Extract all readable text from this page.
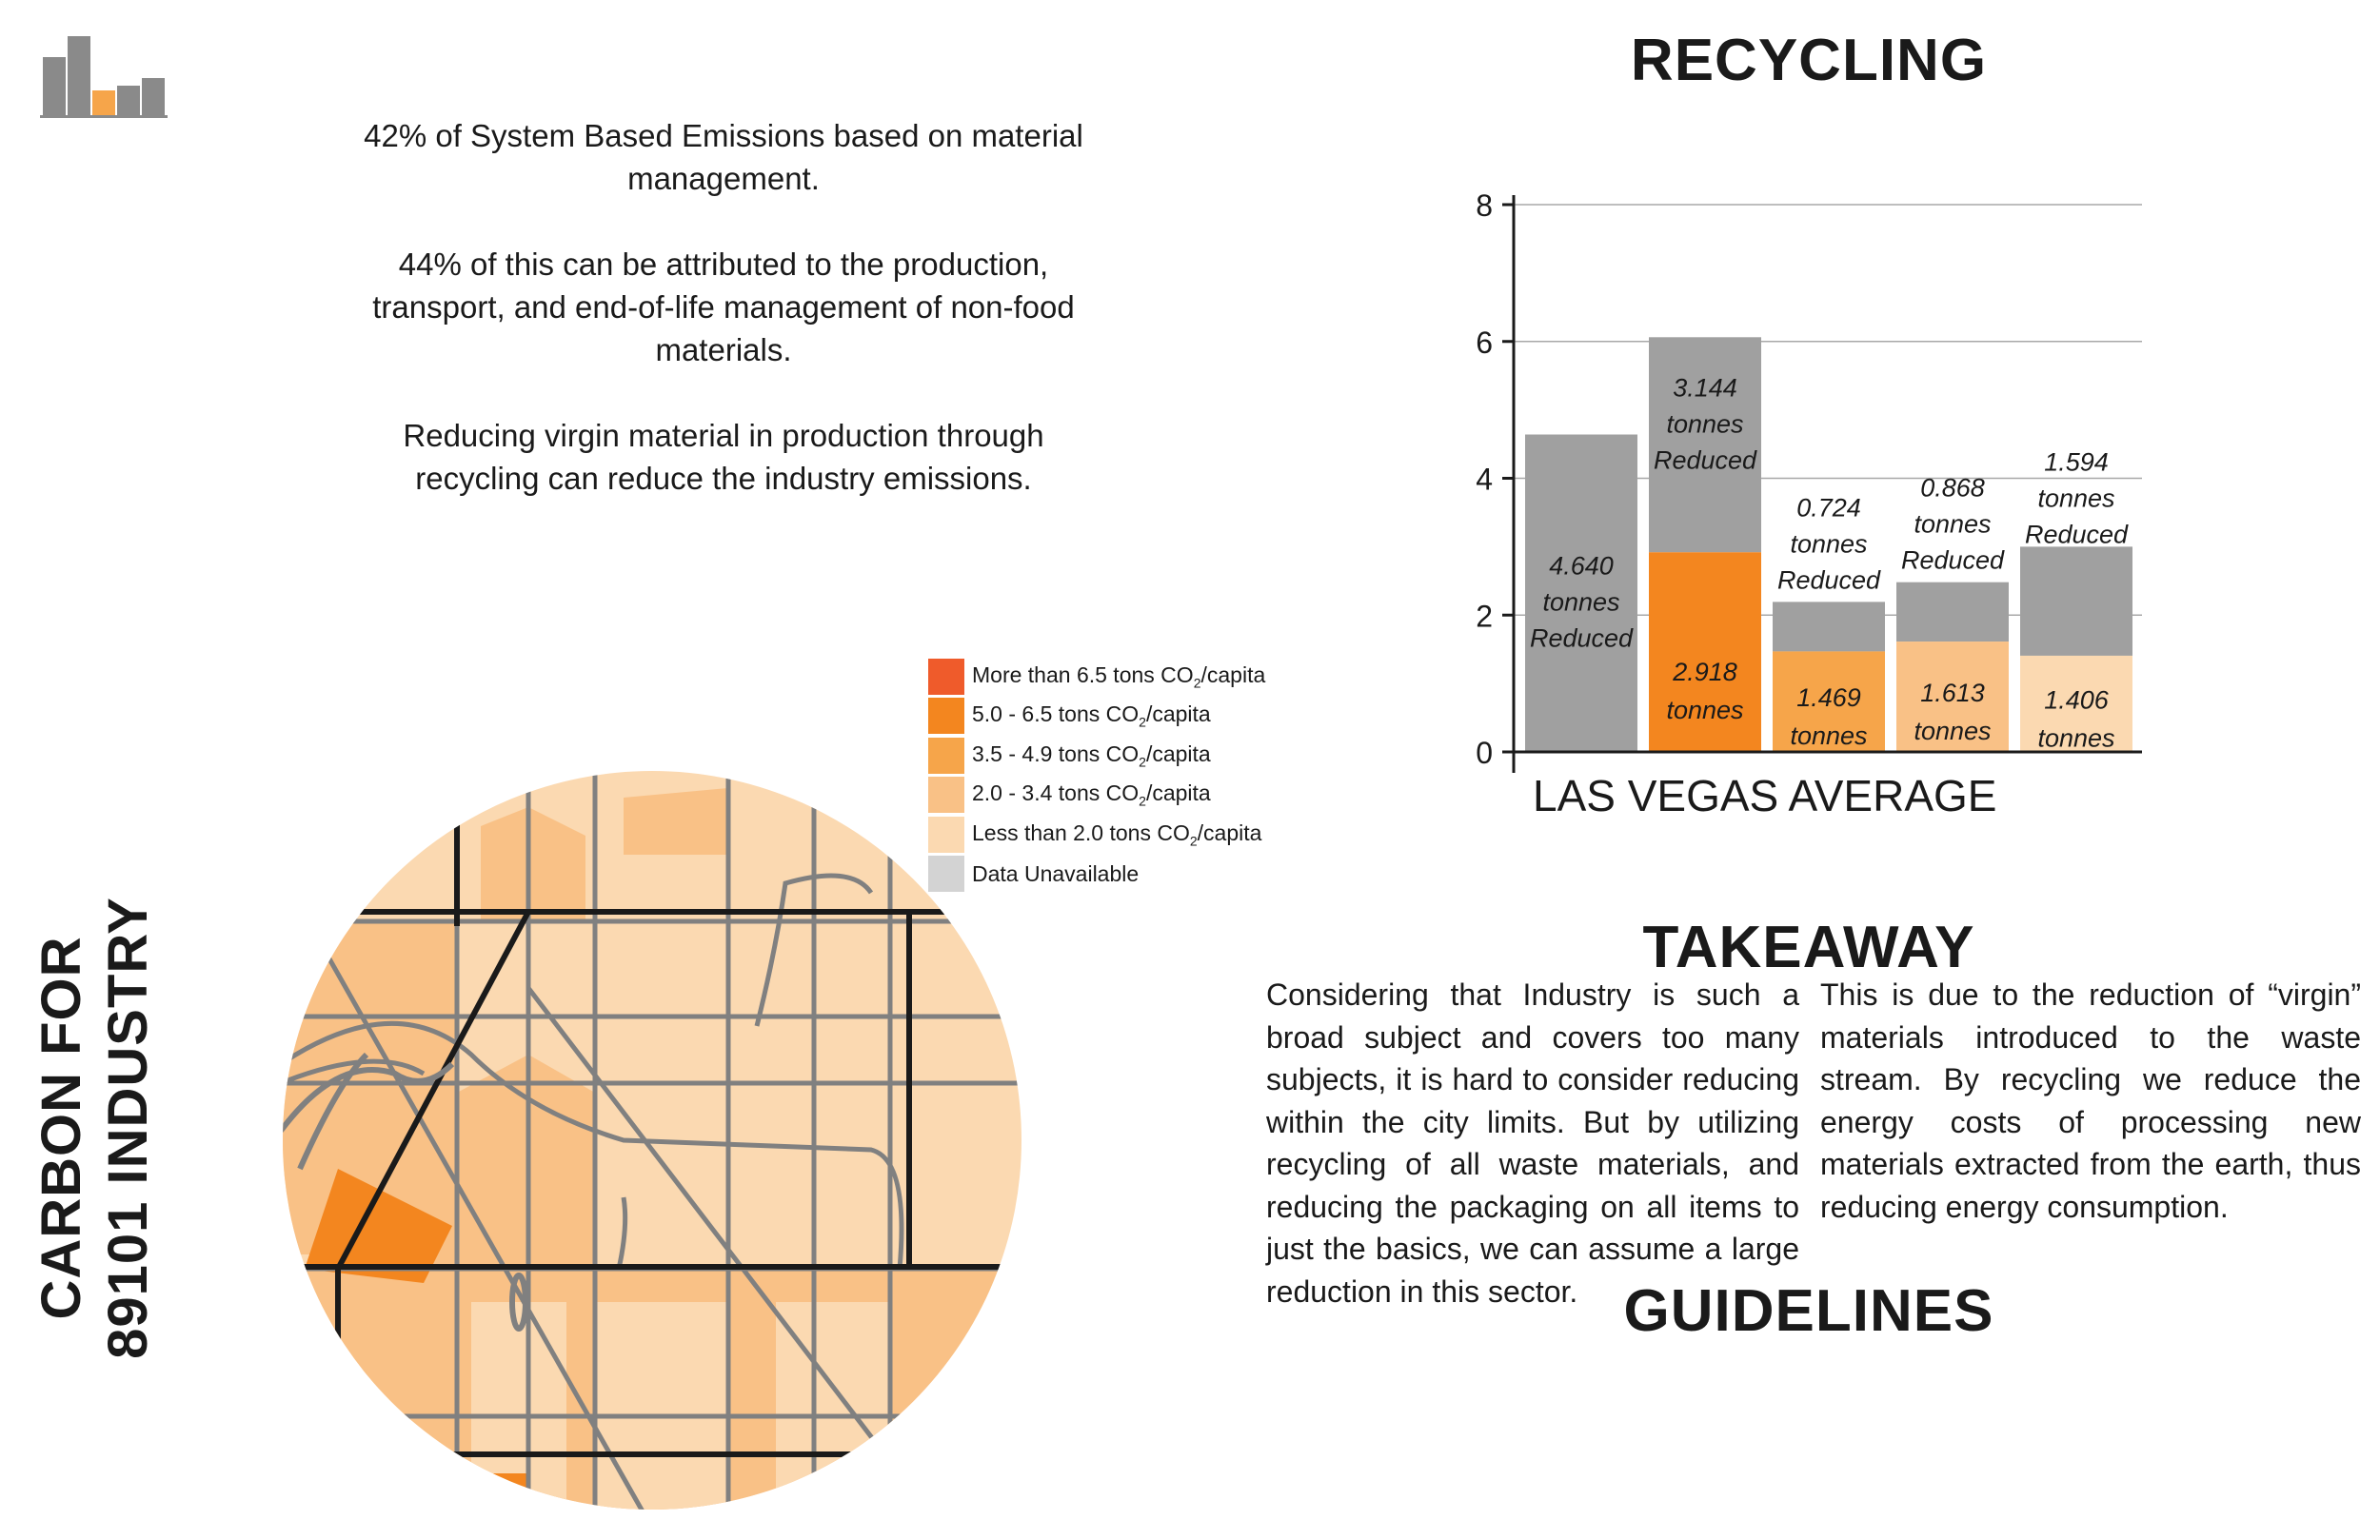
42% of System Based Emissions based on material management.

44% of this can be attributed to the production, transport, and end-of-life management of non-food materials.

Reducing virgin material in production through recycling can reduce the industry emissions.

RECYCLING
TAKEAWAY
GUIDELINES
CARBON FOR 89101 INDUSTRY
More than 6.5 tons $CO_2$/capita
5.0 - 6.5 tons $CO_2$/capita
3.5 - 4.9 tons $CO_2$/capita
2.0 - 3.4 tons $CO_2$/capita
Less than 2.0 tons $CO_2$/capita
Data Unavailable
4.640
tonnes
Reduced
3.144
tonnes
Reduced
2.918
tonnes
0.724
tonnes
Reduced
1.469
tonnes
0.868
tonnes
Reduced
1.613
tonnes
1.594
tonnes
Reduced
1.406
tonnes
0
2
4
6
8
LAS VEGAS AVERAGE
Considering that Industry is such a broad subject and covers too many subjects, it is hard to consider reducing within the city limits. But by utilizing recycling of all waste materials, and reducing the packaging on all items to just the basics, we can assume a large reduction in this sector.
This is due to the reduction of “virgin” materials introduced to the waste stream. By recycling we reduce the energy costs of processing new materials extracted from the earth, thus reducing energy consumption.
